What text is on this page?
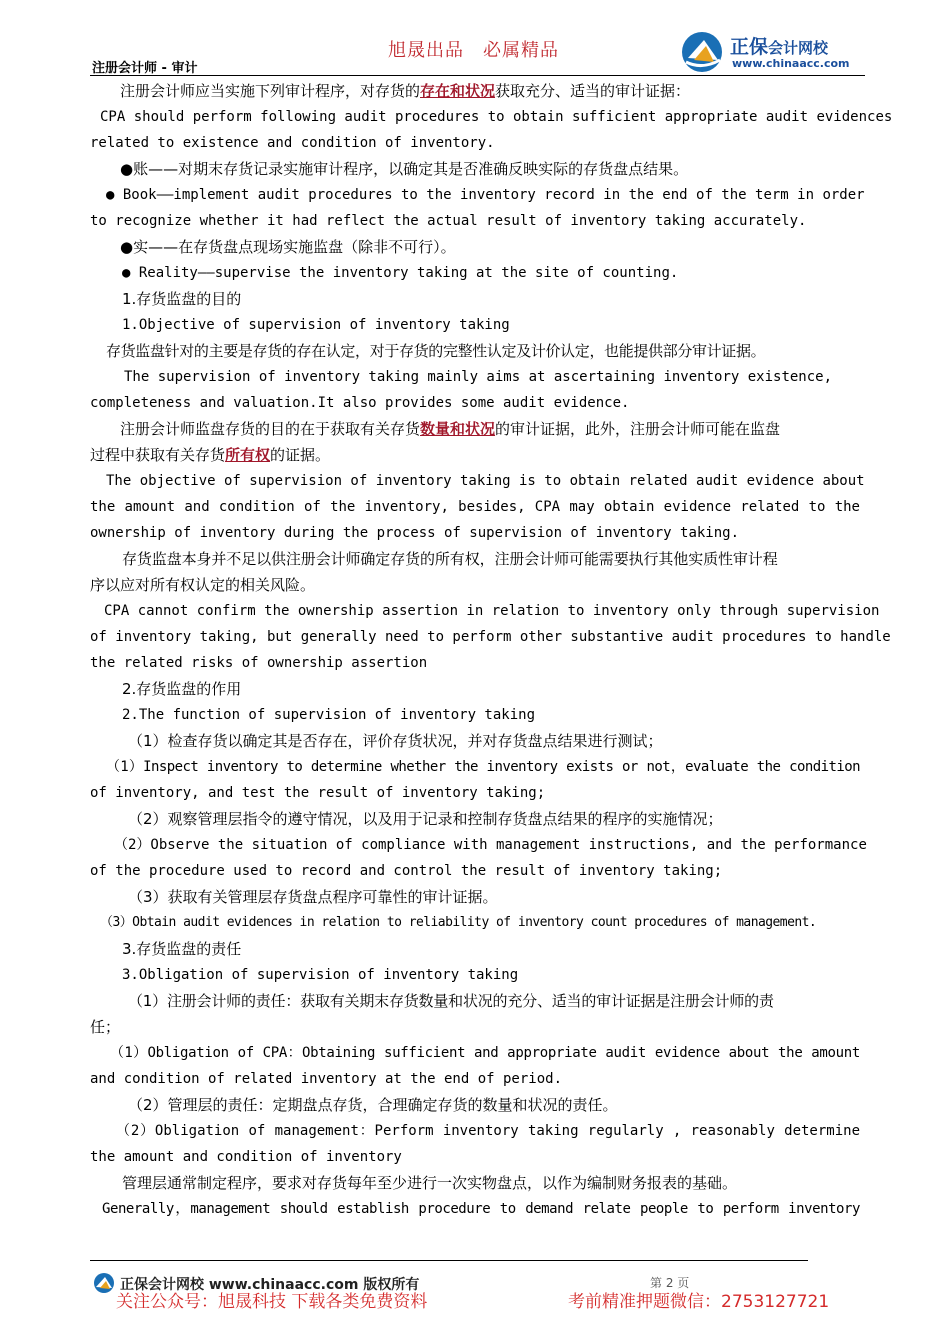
旭晟出品　必属精品
注册会计师 - 审计
正保会计网校
www.chinaacc.com
注册会计师应当实施下列审计程序，对存货的存在和状况获取充分、适当的审计证据：
CPA should perform following audit procedures to obtain sufficient appropriate audit evidences
related to existence and condition of inventory.
●账——对期末存货记录实施审计程序，以确定其是否准确反映实际的存货盘点结果。
● Book——implement audit procedures to the inventory record in the end of the term in order
to recognize whether it had reflect the actual result of inventory taking accurately.
●实——在存货盘点现场实施监盘（除非不可行）。
● Reality——supervise the inventory taking at the site of counting.
1.存货监盘的目的
1.Objective of supervision of inventory taking
存货监盘针对的主要是存货的存在认定，对于存货的完整性认定及计价认定，也能提供部分审计证据。
The supervision of inventory taking mainly aims at ascertaining inventory existence,
completeness and valuation.It also provides some audit evidence.
注册会计师监盘存货的目的在于获取有关存货数量和状况的审计证据，此外，注册会计师可能在监盘
过程中获取有关存货所有权的证据。
The objective of supervision of inventory taking is to obtain related audit evidence about
the amount and condition of the inventory, besides, CPA may obtain evidence related to the
ownership of inventory during the process of supervision of inventory taking.
存货监盘本身并不足以供注册会计师确定存货的所有权，注册会计师可能需要执行其他实质性审计程
序以应对所有权认定的相关风险。
CPA cannot confirm the ownership assertion in relation to inventory only through supervision
of inventory taking, but generally need to perform other substantive audit procedures to handle
the related risks of ownership assertion
2.存货监盘的作用
2.The function of supervision of inventory taking
（1）检查存货以确定其是否存在，评价存货状况，并对存货盘点结果进行测试；
（1）Inspect inventory to determine whether the inventory exists or not，evaluate the condition
of inventory, and test the result of inventory taking;
（2）观察管理层指令的遵守情况，以及用于记录和控制存货盘点结果的程序的实施情况；
（2）Observe the situation of compliance with management instructions, and the performance
of the procedure used to record and control the result of inventory taking;
（3）获取有关管理层存货盘点程序可靠性的审计证据。
（3）Obtain audit evidences in relation to reliability of inventory count procedures of management.
3.存货监盘的责任
3.Obligation of supervision of inventory taking
（1）注册会计师的责任：获取有关期末存货数量和状况的充分、适当的审计证据是注册会计师的责
任；
（1）Obligation of CPA：Obtaining sufficient and appropriate audit evidence about the amount
and condition of related inventory at the end of period.
（2）管理层的责任：定期盘点存货，合理确定存货的数量和状况的责任。
（2）Obligation of management：Perform inventory taking regularly , reasonably determine
the amount and condition of inventory
管理层通常制定程序，要求对存货每年至少进行一次实物盘点，以作为编制财务报表的基础。
Generally，management should establish procedure to demand relate people to perform inventory
正保会计网校 www.chinaacc.com 版权所有	第 2 页
关注公众号：旭晟科技 下载各类免费资料	考前精准押题微信：2753127721
